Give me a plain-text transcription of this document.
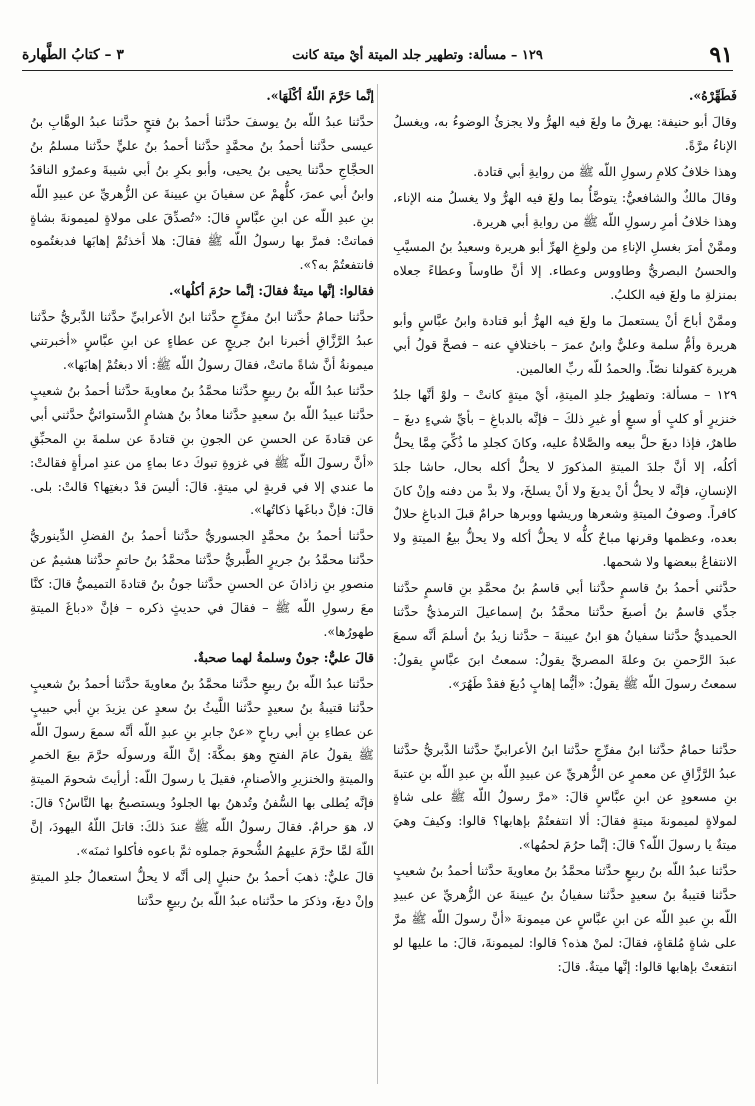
٩١
١٢٩ – مسألة: وتطهير جلد الميتة أيْ ميتة كانت
٣ – كتابُ الطَّهارة

فَطَهِّرْهُ».

وقالَ أبو حنيفة: يهرقُ ما ولغَ فيه الهرُّ ولا يجزئُ الوضوءُ به، ويغسلُ الإناءُ مرَّةً.

وهذا خلافُ كلامِ رسولِ اللّه ﷺ من روايةِ أبي قتادة.

وقالَ مالكٌ والشافعيُّ: يتوضَّأُ بما ولغَ فيه الهرُّ ولا يغسلُ منه الإناء، وهذا خلافُ أمرِ رسولِ اللّه ﷺ من روايةِ أبي هريرة.

وممَّنْ أمرَ بغسلِ الإناءِ من ولوغِ الهرِّ أبو هريرة وسعيدُ بنُ المسيَّبِ والحسنُ البصريُّ وطاووس وعطاء. إلا أنَّ طاوساً وعطاءً جعلاه بمنزلةِ ما ولغَ فيه الكلبُ.

وممَّنْ أباحَ أنْ يستعملَ ما ولغَ فيه الهرُّ أبو قتادة وابنُ عبَّاسٍ وأبو هريرة وأمُّ سلمة وعليٌّ وابنُ عمرَ – باختلافٍ عنه – فصحَّ قولُ أبي هريرة كقولنا نصّاً. والحمدُ للّه ربِّ العالمين.

١٢٩ – مسألة: وتطهيرُ جلدِ الميتةِ، أيْ ميتةٍ كانتْ – ولوْ أنَّها جلدُ خنزيرٍ أو كلبٍ أو سبعٍ أو غيرِ ذلكَ – فإنَّه بالدباغِ – بأيِّ شيءٍ دبغَ – طاهرٌ، فإذا دبغَ حلَّ بيعه والصَّلاةُ عليه، وكانَ كجلدِ ما ذُكِّيَ مِمَّا يحلُّ أكلُه، إلا أنَّ جلدَ الميتةِ المذكورَ لا يحلُّ أكله بحال، حاشا جلدَ الإنسانِ، فإنَّه لا يحلُّ أنْ يدبغَ ولا أنْ يسلخَ، ولا بدَّ من دفنه وإنْ كانَ كافراً. وصوفُ الميتةِ وشعرها وريشها ووبرها حرامٌ قبلَ الدباغِ حلالٌ بعده، وعظمها وقرنها مباحٌ كلُّه لا يحلُّ أكله ولا يحلُّ بيعُ الميتةِ ولا الانتفاعُ ببعضها ولا شحمها.

حدَّثني أحمدُ بنُ قاسمٍ حدَّثنا أبي قاسمُ بنُ محمَّدِ بنِ قاسمٍ حدَّثنا جدِّي قاسمُ بنُ أصبغَ حدَّثنا محمَّدُ بنُ إسماعيلَ الترمذيُّ حدَّثنا الحميديُّ حدَّثنا سفيانُ هوَ ابنُ عيينةَ – حدَّثنا زيدُ بنُ أسلمَ أنَّه سمعَ عبدَ الرَّحمنِ بنَ وعلةَ المصريَّ يقولُ: سمعتُ ابنَ عبَّاسٍ يقولُ: سمعتُ رسولَ اللّه ﷺ يقولُ: «أيُّما إهابٍ دُبغَ فقدْ طَهُرَ».

حدَّثنا حمامٌ حدَّثنا ابنُ مفرِّجٍ حدَّثنا ابنُ الأعرابيِّ حدَّثنا الدَّبريُّ حدَّثنا عبدُ الرَّزَّاقِ عن معمرٍ عن الزُّهريِّ عن عبيدِ اللّه بنِ عبدِ اللّه بنِ عتبةَ بنِ مسعودٍ عن ابنِ عبَّاسٍ قالَ: «مرَّ رسولُ اللّه ﷺ على شاةٍ لمولاةٍ لميمونةَ ميتةٍ فقالَ: ألا انتفعتُمْ بإهابها؟ قالوا: وكيفَ وهيَ ميتةٌ يا رسولَ اللّه؟ قالَ: إنَّما حرُمَ لحمُها».

حدَّثنا عبدُ اللّه بنُ ربيعٍ حدَّثنا محمَّدُ بنُ معاويةَ حدَّثنا أحمدُ بنُ شعيبٍ حدَّثنا قتيبةُ بنُ سعيدٍ حدَّثنا سفيانُ بنُ عيينةَ عن الزُّهريِّ عن عبيدِ اللّه بنِ عبدِ اللّه عن ابنِ عبَّاسٍ عن ميمونةَ «أنَّ رسولَ اللّه ﷺ مرَّ على شاةٍ مُلقاةٍ، فقالَ: لمنْ هذه؟ قالوا: لميمونةَ، قالَ: ما عليها لو انتفعتْ بإهابها قالوا: إنَّها ميتةٌ. قالَ:

إنَّما حَرَّمَ اللّهُ أكْلَهَا».

حدَّثنا عبدُ اللّه بنُ يوسفَ حدَّثنا أحمدُ بنُ فتحٍ حدَّثنا عبدُ الوهَّابِ بنُ عيسى حدَّثنا أحمدُ بنُ محمَّدٍ حدَّثنا أحمدُ بنُ عليٍّ حدَّثنا مسلمُ بنُ الحجَّاجِ حدَّثنا يحيى بنُ يحيى، وأبو بكرِ بنُ أبي شيبةَ وعمرٌو الناقدُ وابنُ أبي عمرَ، كلُّهمْ عن سفيانَ بنِ عيينةَ عن الزُّهريِّ عن عبيدِ اللّه بنِ عبدِ اللّه عن ابنِ عبَّاسٍ قالَ: «تُصدِّقَ على مولاةٍ لميمونةَ بشاةٍ فماتتْ: فمرَّ بها رسولُ اللّه ﷺ فقالَ: هلا أخذتُمْ إهابَها فدبغتُموه فانتفعتُمْ به؟».

فقالوا: إنَّها ميتةٌ فقالَ: إنَّما حرُمَ أكلُها».

حدَّثنا حمامٌ حدَّثنا ابنُ مفرِّجٍ حدَّثنا ابنُ الأعرابيِّ حدَّثنا الدَّبريُّ حدَّثنا عبدُ الرَّزَّاقِ أخبرنا ابنُ جريجٍ عن عطاءٍ عن ابنِ عبَّاسٍ «أخبرتني ميمونةُ أنَّ شاةً ماتتْ، فقالَ رسولُ اللّه ﷺ: ألا دبغتُمْ إهابَها».

حدَّثنا عبدُ اللّه بنُ ربيعٍ حدَّثنا محمَّدُ بنُ معاويةَ حدَّثنا أحمدُ بنُ شعيبٍ حدَّثنا عبيدُ اللّه بنُ سعيدٍ حدَّثنا معاذُ بنُ هشامٍ الدَّستوائيُّ حدَّثني أبي عن قتادةَ عن الحسنِ عن الجونِ بنِ قتادةَ عن سلمةَ بنِ المحبِّقِ «أنَّ رسولَ اللّه ﷺ في غزوةِ تبوكَ دعا بماءٍ من عندِ امرأةٍ فقالتْ: ما عندي إلا في قربةٍ لي ميتةٍ. قالَ: أليسَ قدْ دبغتِها؟ قالتْ: بلى. قالَ: فإنَّ دباغَها ذكاتُها».

حدَّثنا أحمدُ بنُ محمَّدٍ الجسوريُّ حدَّثنا أحمدُ بنُ الفضلِ الدِّينوريُّ حدَّثنا محمَّدُ بنُ جريرٍ الطَّبريُّ حدَّثنا محمَّدُ بنُ حاتمٍ حدَّثنا هشيمٌ عن منصورِ بنِ زاذانَ عن الحسنِ حدَّثنا جونُ بنُ قتادةَ التميميُّ قالَ: كنَّا معَ رسولِ اللّه ﷺ – فقالَ في حديثٍ ذكره – فإنَّ «دباغَ الميتةِ طهورُها».

قالَ عليٌّ: جونٌ وسلمةُ لهما صحبةٌ.

حدَّثنا عبدُ اللّه بنُ ربيعٍ حدَّثنا محمَّدُ بنُ معاويةَ حدَّثنا أحمدُ بنُ شعيبٍ حدَّثنا قتيبةُ بنُ سعيدٍ حدَّثنا اللَّيثُ بنُ سعدٍ عن يزيدَ بنِ أبي حبيبٍ عن عطاءِ بنِ أبي رباحٍ «عنْ جابرِ بنِ عبدِ اللّه أنَّه سمعَ رسولَ اللّه ﷺ يقولُ عامَ الفتحِ وهوَ بمكَّةَ: إنَّ اللّهَ ورسولَه حرَّمَ بيعَ الخمرِ والميتةِ والخنزيرِ والأصنامِ، فقيلَ يا رسولَ اللّه: أرأيتَ شحومَ الميتةِ فإنَّه يُطلى بها السُّفنُ وتُدهنُ بها الجلودُ ويستصبحُ بها النَّاسُ؟ قالَ: لا، هوَ حرامٌ. فقالَ رسولُ اللّه ﷺ عندَ ذلكَ: قاتلَ اللّهُ اليهودَ، إنَّ اللّهَ لمَّا حرَّمَ عليهمُ الشُّحومَ جملوه ثمَّ باعوه فأكلوا ثمنَه».

قالَ عليٌّ: ذهبَ أحمدُ بنُ حنبلٍ إلى أنَّه لا يحلُّ استعمالُ جلدِ الميتةِ وإنْ دبغَ، وذكرَ ما حدَّثناه عبدُ اللّه بنُ ربيعٍ حدَّثنا
